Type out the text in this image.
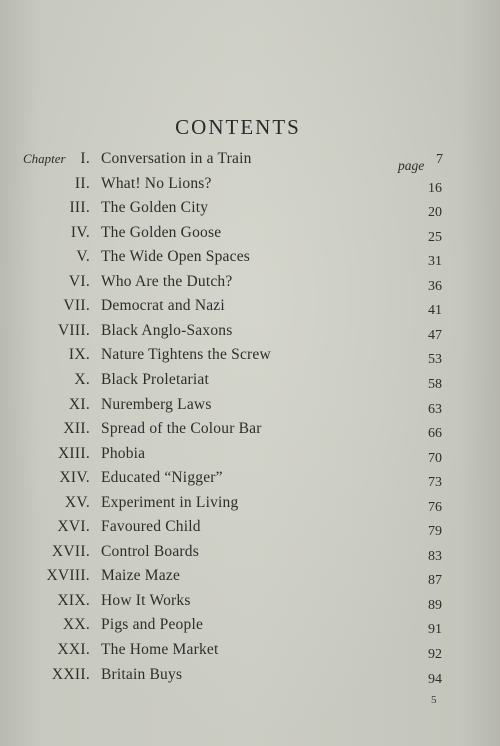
CONTENTS
page
Chapter I. Conversation in a Train	7
II. What! No Lions?	16
III. The Golden City	20
IV. The Golden Goose	25
V. The Wide Open Spaces	31
VI. Who Are the Dutch?	36
VII. Democrat and Nazi	41
VIII. Black Anglo-Saxons	47
IX. Nature Tightens the Screw	53
X. Black Proletariat	58
XI. Nuremberg Laws	63
XII. Spread of the Colour Bar	66
XIII. Phobia	70
XIV. Educated “Nigger”	73
XV. Experiment in Living	76
XVI. Favoured Child	79
XVII. Control Boards	83
XVIII. Maize Maze	87
XIX. How It Works	89
XX. Pigs and People	91
XXI. The Home Market	92
XXII. Britain Buys	94
5
